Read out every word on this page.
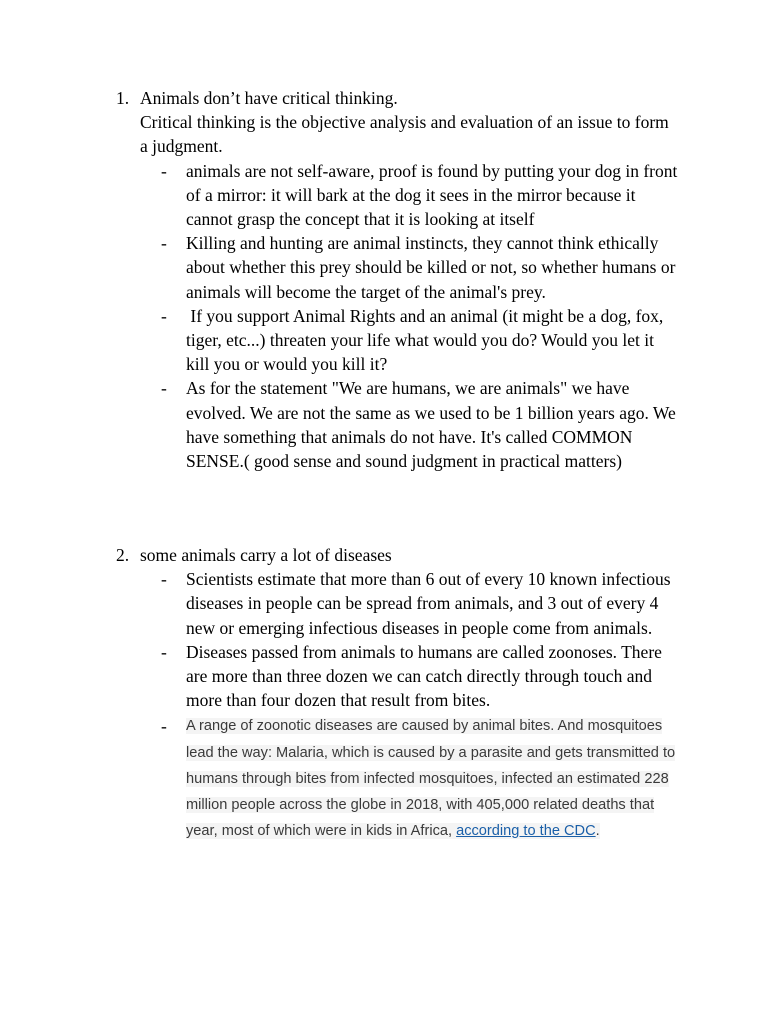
1. Animals don’t have critical thinking.
Critical thinking is the objective analysis and evaluation of an issue to form a judgment.
- animals are not self-aware, proof is found by putting your dog in front of a mirror: it will bark at the dog it sees in the mirror because it cannot grasp the concept that it is looking at itself
- Killing and hunting are animal instincts, they cannot think ethically about whether this prey should be killed or not, so whether humans or animals will become the target of the animal's prey.
- If you support Animal Rights and an animal (it might be a dog, fox, tiger, etc...) threaten your life what would you do? Would you let it kill you or would you kill it?
- As for the statement "We are humans, we are animals" we have evolved. We are not the same as we used to be 1 billion years ago. We have something that animals do not have. It's called COMMON SENSE.( good sense and sound judgment in practical matters)
2. some animals carry a lot of diseases
- Scientists estimate that more than 6 out of every 10 known infectious diseases in people can be spread from animals, and 3 out of every 4 new or emerging infectious diseases in people come from animals.
- Diseases passed from animals to humans are called zoonoses. There are more than three dozen we can catch directly through touch and more than four dozen that result from bites.
- A range of zoonotic diseases are caused by animal bites. And mosquitoes lead the way: Malaria, which is caused by a parasite and gets transmitted to humans through bites from infected mosquitoes, infected an estimated 228 million people across the globe in 2018, with 405,000 related deaths that year, most of which were in kids in Africa, according to the CDC.
